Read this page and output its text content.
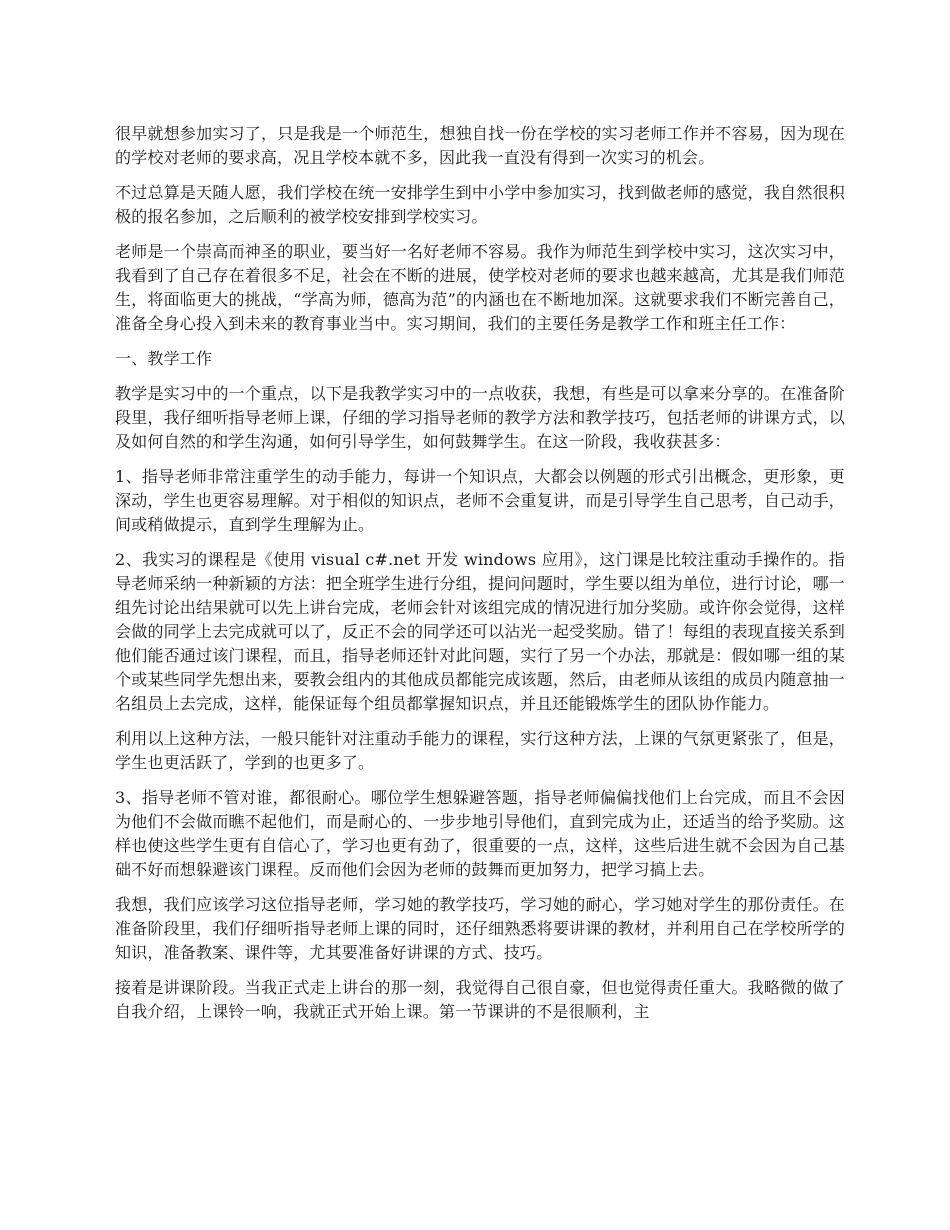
很早就想参加实习了，只是我是一个师范生，想独自找一份在学校的实习老师工作并不容易，因为现在的学校对老师的要求高，况且学校本就不多，因此我一直没有得到一次实习的机会。

不过总算是天随人愿，我们学校在统一安排学生到中小学中参加实习，找到做老师的感觉，我自然很积极的报名参加，之后顺利的被学校安排到学校实习。

老师是一个崇高而神圣的职业，要当好一名好老师不容易。我作为师范生到学校中实习，这次实习中，我看到了自己存在着很多不足，社会在不断的进展，使学校对老师的要求也越来越高，尤其是我们师范生，将面临更大的挑战，“学高为师，德高为范”的内涵也在不断地加深。这就要求我们不断完善自己，准备全身心投入到未来的教育事业当中。实习期间，我们的主要任务是教学工作和班主任工作：

一、教学工作

教学是实习中的一个重点，以下是我教学实习中的一点收获，我想，有些是可以拿来分享的。在准备阶段里，我仔细听指导老师上课，仔细的学习指导老师的教学方法和教学技巧，包括老师的讲课方式，以及如何自然的和学生沟通，如何引导学生，如何鼓舞学生。在这一阶段，我收获甚多：

1、指导老师非常注重学生的动手能力，每讲一个知识点，大都会以例题的形式引出概念，更形象，更深动，学生也更容易理解。对于相似的知识点，老师不会重复讲，而是引导学生自己思考，自己动手，间或稍做提示，直到学生理解为止。

2、我实习的课程是《使用 visual c#.net 开发 windows 应用》，这门课是比较注重动手操作的。指导老师采纳一种新颖的方法：把全班学生进行分组，提问问题时，学生要以组为单位，进行讨论，哪一组先讨论出结果就可以先上讲台完成，老师会针对该组完成的情况进行加分奖励。或许你会觉得，这样会做的同学上去完成就可以了，反正不会的同学还可以沾光一起受奖励。错了！每组的表现直接关系到他们能否通过该门课程，而且，指导老师还针对此问题，实行了另一个办法，那就是：假如哪一组的某个或某些同学先想出来，要教会组内的其他成员都能完成该题，然后，由老师从该组的成员内随意抽一名组员上去完成，这样，能保证每个组员都掌握知识点，并且还能锻炼学生的团队协作能力。

利用以上这种方法，一般只能针对注重动手能力的课程，实行这种方法，上课的气氛更紧张了，但是，学生也更活跃了，学到的也更多了。

3、指导老师不管对谁，都很耐心。哪位学生想躲避答题，指导老师偏偏找他们上台完成，而且不会因为他们不会做而瞧不起他们，而是耐心的、一步步地引导他们，直到完成为止，还适当的给予奖励。这样也使这些学生更有自信心了，学习也更有劲了，很重要的一点，这样，这些后进生就不会因为自己基础不好而想躲避该门课程。反而他们会因为老师的鼓舞而更加努力，把学习搞上去。

我想，我们应该学习这位指导老师，学习她的教学技巧，学习她的耐心，学习她对学生的那份责任。在准备阶段里，我们仔细听指导老师上课的同时，还仔细熟悉将要讲课的教材，并利用自己在学校所学的知识，准备教案、课件等，尤其要准备好讲课的方式、技巧。

接着是讲课阶段。当我正式走上讲台的那一刻，我觉得自己很自豪，但也觉得责任重大。我略微的做了自我介绍，上课铃一响，我就正式开始上课。第一节课讲的不是很顺利，主
